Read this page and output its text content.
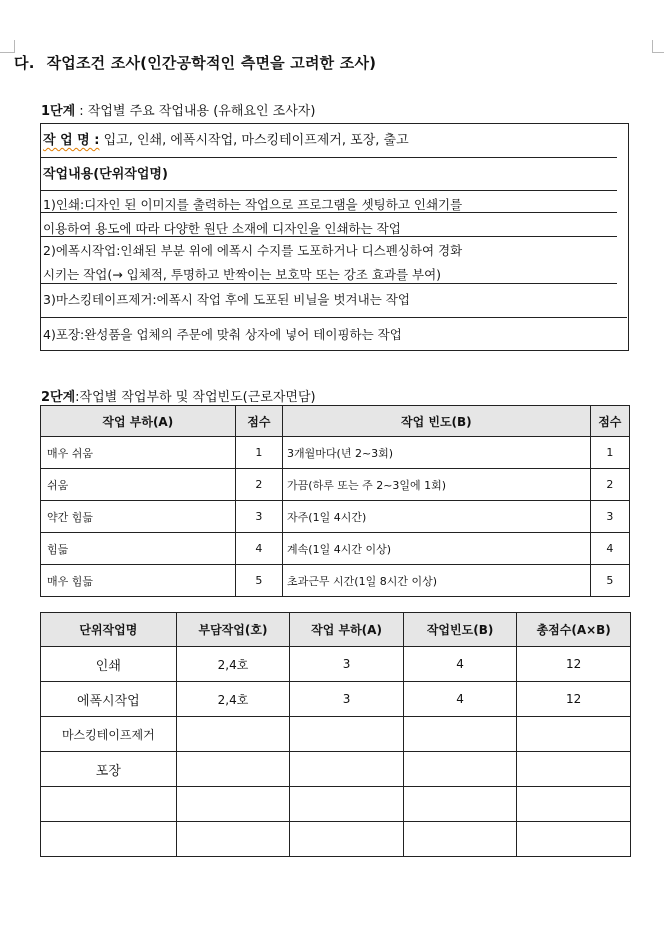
다. 작업조건 조사(인간공학적인 측면을 고려한 조사)
1단계 : 작업별 주요 작업내용 (유해요인 조사자)
작 업 명 : 입고, 인쇄, 에폭시작업, 마스킹테이프제거, 포장, 출고
작업내용(단위작업명)
1)인쇄:디자인 된 이미지를 출력하는 작업으로 프로그램을 셋팅하고 인쇄기를
이용하여 용도에 따라 다양한 원단 소재에 디자인을 인쇄하는 작업
2)에폭시작업:인쇄된 부분 위에 에폭시 수지를 도포하거나 디스펜싱하여 경화
시키는 작업(→ 입체적, 투명하고 반짝이는 보호막 또는 강조 효과를 부여)
3)마스킹테이프제거:에폭시 작업 후에 도포된 비닐을 벗겨내는 작업
4)포장:완성품을 업체의 주문에 맞춰 상자에 넣어 테이핑하는 작업
2단계:작업별 작업부하 및 작업빈도(근로자면담)
작업 부하(A)	점수	작업 빈도(B)	점수
매우 쉬움	1	3개월마다(년 2~3회)	1
쉬움	2	가끔(하루 또는 주 2~3일에 1회)	2
약간 힘듦	3	자주(1일 4시간)	3
힘듦	4	계속(1일 4시간 이상)	4
매우 힘듦	5	초과근무 시간(1일 8시간 이상)	5
단위작업명	부담작업(호)	작업 부하(A)	작업빈도(B)	총점수(A×B)
인쇄	2,4호	3	4	12
에폭시작업	2,4호	3	4	12
마스킹테이프제거				
포장				
